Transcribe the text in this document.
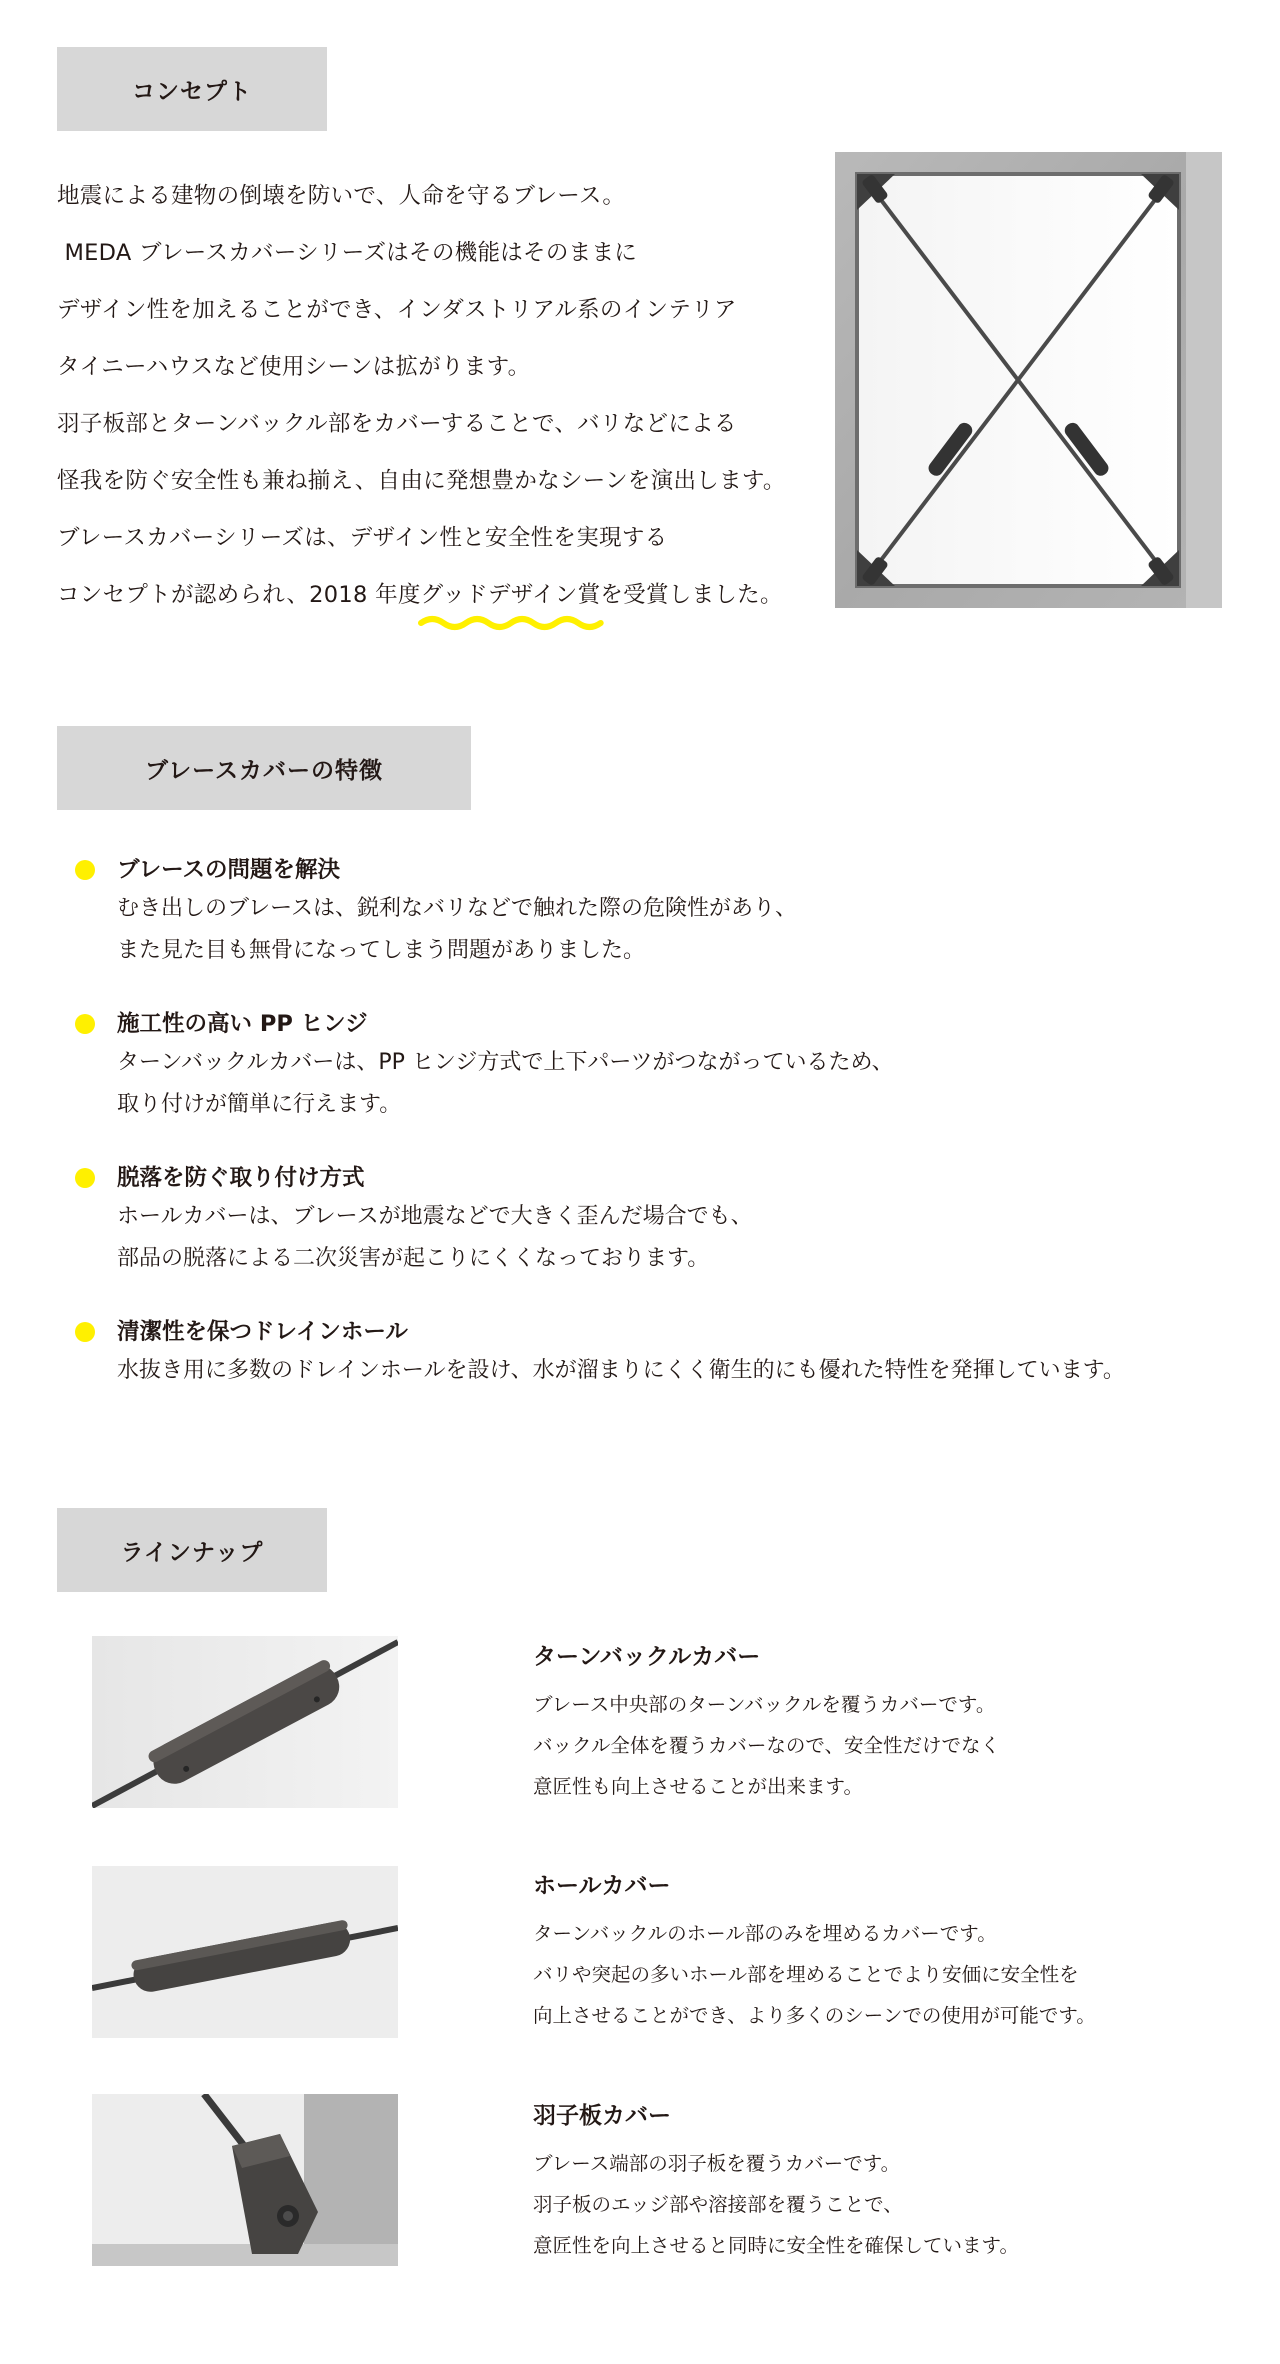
コンセプト
地震による建物の倒壊を防いで、人命を守るブレース。
MEDA ブレースカバーシリーズはその機能はそのままに
デザイン性を加えることができ、インダストリアル系のインテリア
タイニーハウスなど使用シーンは拡がります。
羽子板部とターンバックル部をカバーすることで、バリなどによる
怪我を防ぐ安全性も兼ね揃え、自由に発想豊かなシーンを演出します。
ブレースカバーシリーズは、デザイン性と安全性を実現する
コンセプトが認められ、2018 年度グッドデザイン賞
を受賞しました。
ブレースカバーの特徴
ブレースの問題を解決
むき出しのブレースは、鋭利なバリなどで触れた際の危険性があり、
また見た目も無骨になってしまう問題がありました。
施工性の高い PP ヒンジ
ターンバックルカバーは、PP ヒンジ方式で上下パーツがつながっているため、
取り付けが簡単に行えます。
脱落を防ぐ取り付け方式
ホールカバーは、ブレースが地震などで大きく歪んだ場合でも、
部品の脱落による二次災害が起こりにくくなっております。
清潔性を保つドレインホール
水抜き用に多数のドレインホールを設け、水が溜まりにくく衛生的にも優れた特性を発揮しています。
ラインナップ
ターンバックルカバー
ブレース中央部のターンバックルを覆うカバーです。
バックル全体を覆うカバーなので、安全性だけでなく
意匠性も向上させることが出来ます。
ホールカバー
ターンバックルのホール部のみを埋めるカバーです。
バリや突起の多いホール部を埋めることでより安価に安全性を
向上させることができ、より多くのシーンでの使用が可能です。
羽子板カバー
ブレース端部の羽子板を覆うカバーです。
羽子板のエッジ部や溶接部を覆うことで、
意匠性を向上させると同時に安全性を確保しています。
